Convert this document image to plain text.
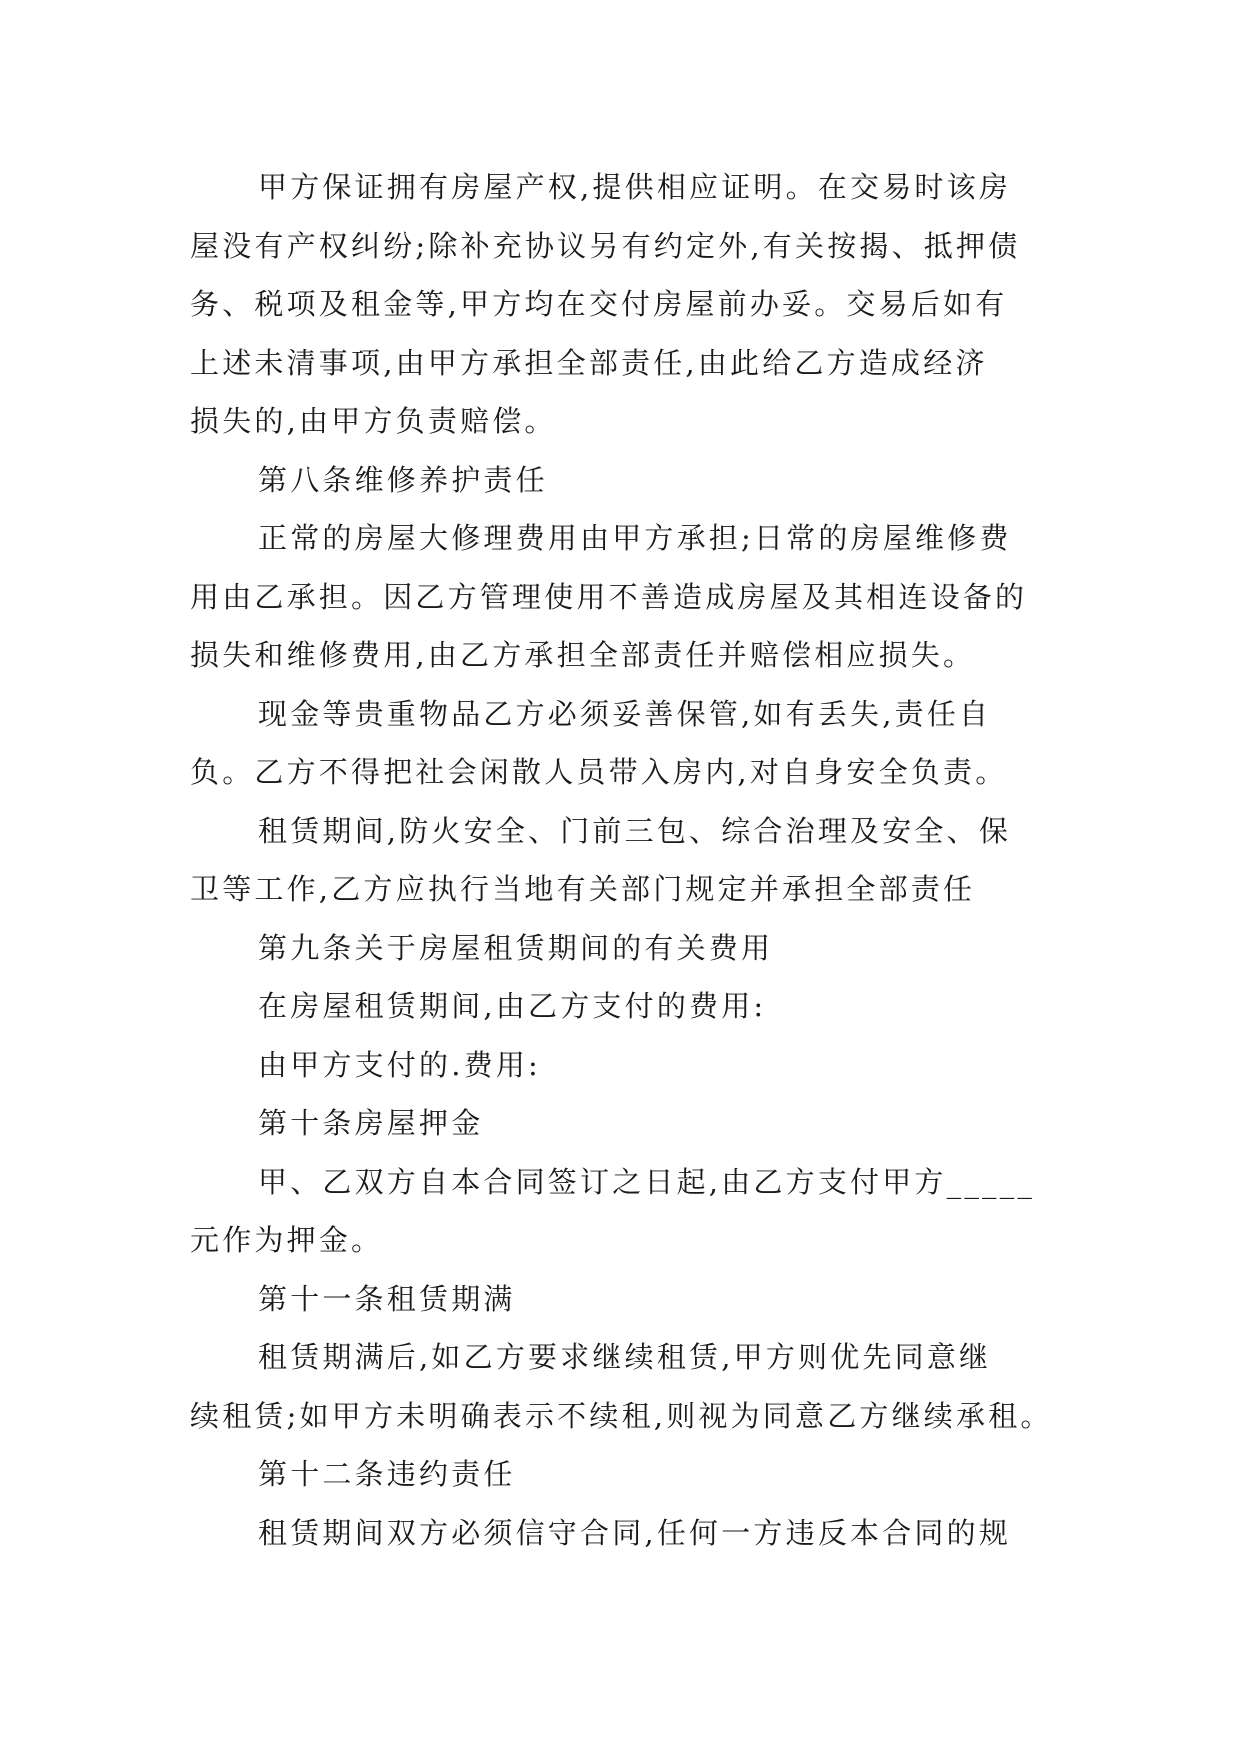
甲方保证拥有房屋产权,提供相应证明。在交易时该房
屋没有产权纠纷;除补充协议另有约定外,有关按揭、抵押债
务、税项及租金等,甲方均在交付房屋前办妥。交易后如有
上述未清事项,由甲方承担全部责任,由此给乙方造成经济
损失的,由甲方负责赔偿。
第八条维修养护责任
正常的房屋大修理费用由甲方承担;日常的房屋维修费
用由乙承担。因乙方管理使用不善造成房屋及其相连设备的
损失和维修费用,由乙方承担全部责任并赔偿相应损失。
现金等贵重物品乙方必须妥善保管,如有丢失,责任自
负。乙方不得把社会闲散人员带入房内,对自身安全负责。
租赁期间,防火安全、门前三包、综合治理及安全、保
卫等工作,乙方应执行当地有关部门规定并承担全部责任
第九条关于房屋租赁期间的有关费用
在房屋租赁期间,由乙方支付的费用:
由甲方支付的.费用:
第十条房屋押金
甲、乙双方自本合同签订之日起,由乙方支付甲方_____
元作为押金。
第十一条租赁期满
租赁期满后,如乙方要求继续租赁,甲方则优先同意继
续租赁;如甲方未明确表示不续租,则视为同意乙方继续承租。
第十二条违约责任
租赁期间双方必须信守合同,任何一方违反本合同的规
